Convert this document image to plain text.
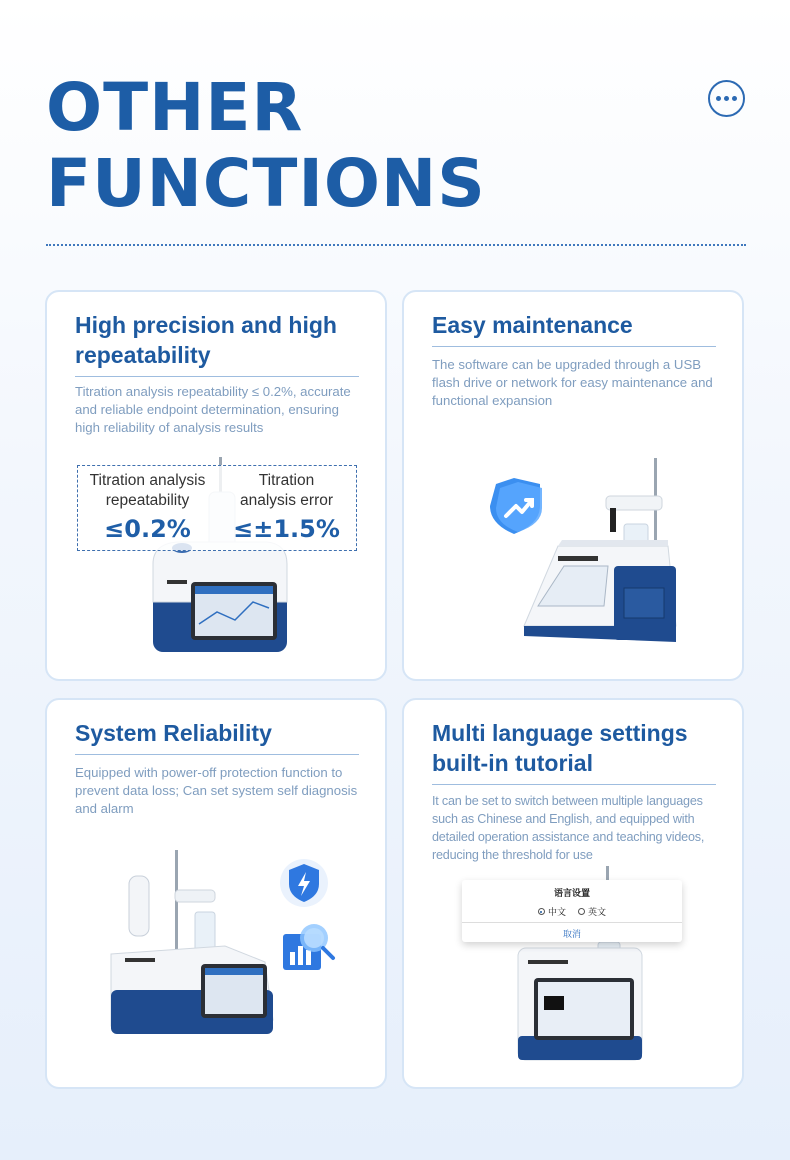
OTHER
FUNCTIONS
High precision and high
repeatability

Titration analysis repeatability ≤ 0.2%, accurate and reliable endpoint determination, ensuring high reliability of analysis results

Titration analysis
repeatability
≤0.2%
Titration
analysis error
≤±1.5%
Easy maintenance

The software can be upgraded through a USB flash drive or network for easy maintenance and functional expansion

System Reliability

Equipped with power-off protection function to prevent data loss; Can set system self diagnosis and alarm

Multi language settings
built-in tutorial

It can be set to switch between multiple languages such as Chinese and English, and equipped with detailed operation assistance and teaching videos, reducing the threshold for use

语言设置
中文 英文
取消
